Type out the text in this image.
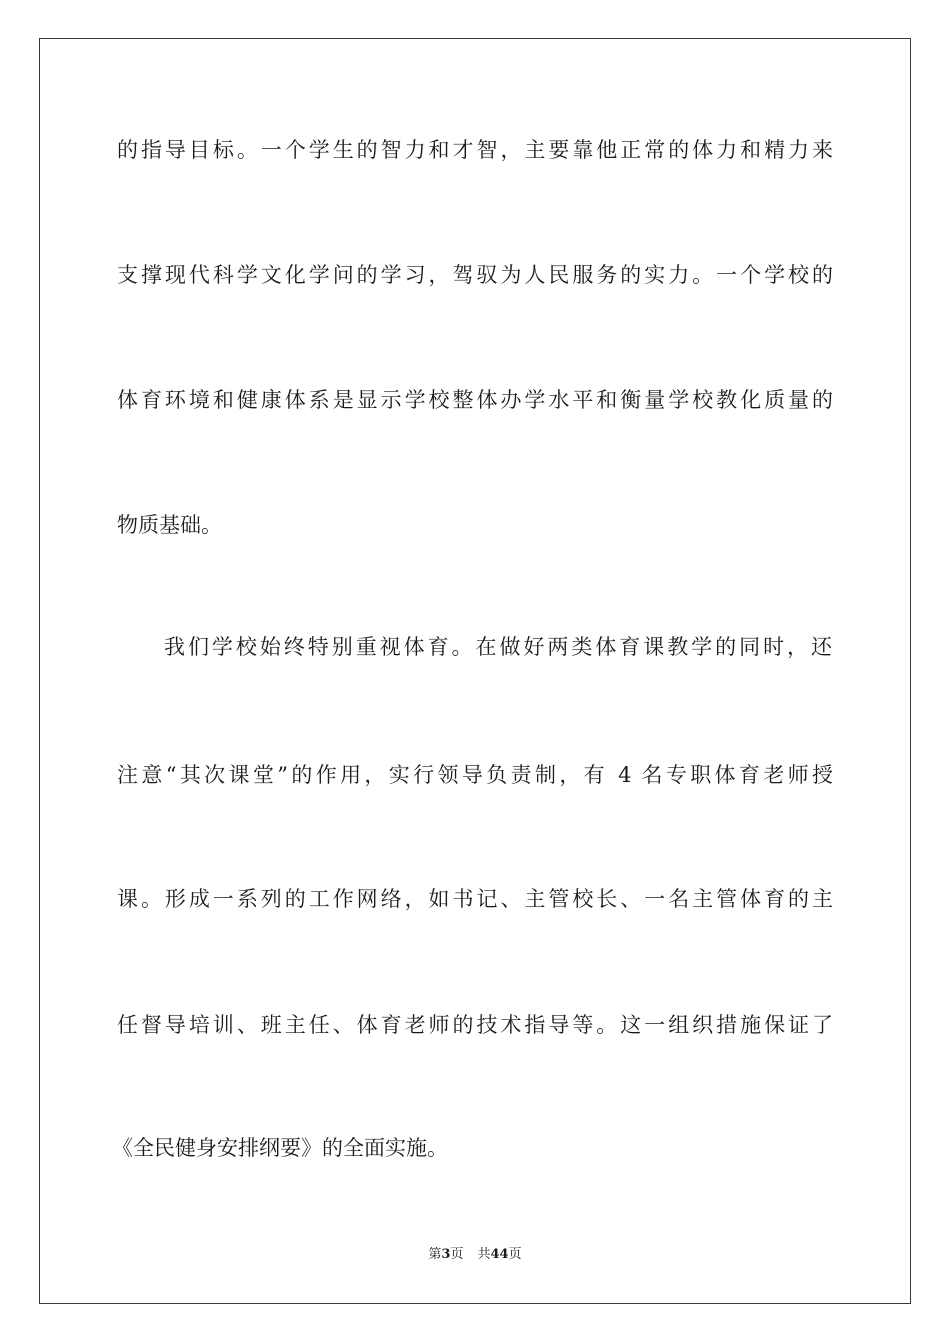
的指导目标。一个学生的智力和才智，主要靠他正常的体力和精力来
支撑现代科学文化学问的学习，驾驭为人民服务的实力。一个学校的
体育环境和健康体系是显示学校整体办学水平和衡量学校教化质量的
物质基础。
我们学校始终特别重视体育。在做好两类体育课教学的同时，还
注意“其次课堂”的作用，实行领导负责制，有 4 名专职体育老师授
课。形成一系列的工作网络，如书记、主管校长、一名主管体育的主
任督导培训、班主任、体育老师的技术指导等。这一组织措施保证了
《全民健身安排纲要》的全面实施。
第3页 共44页
